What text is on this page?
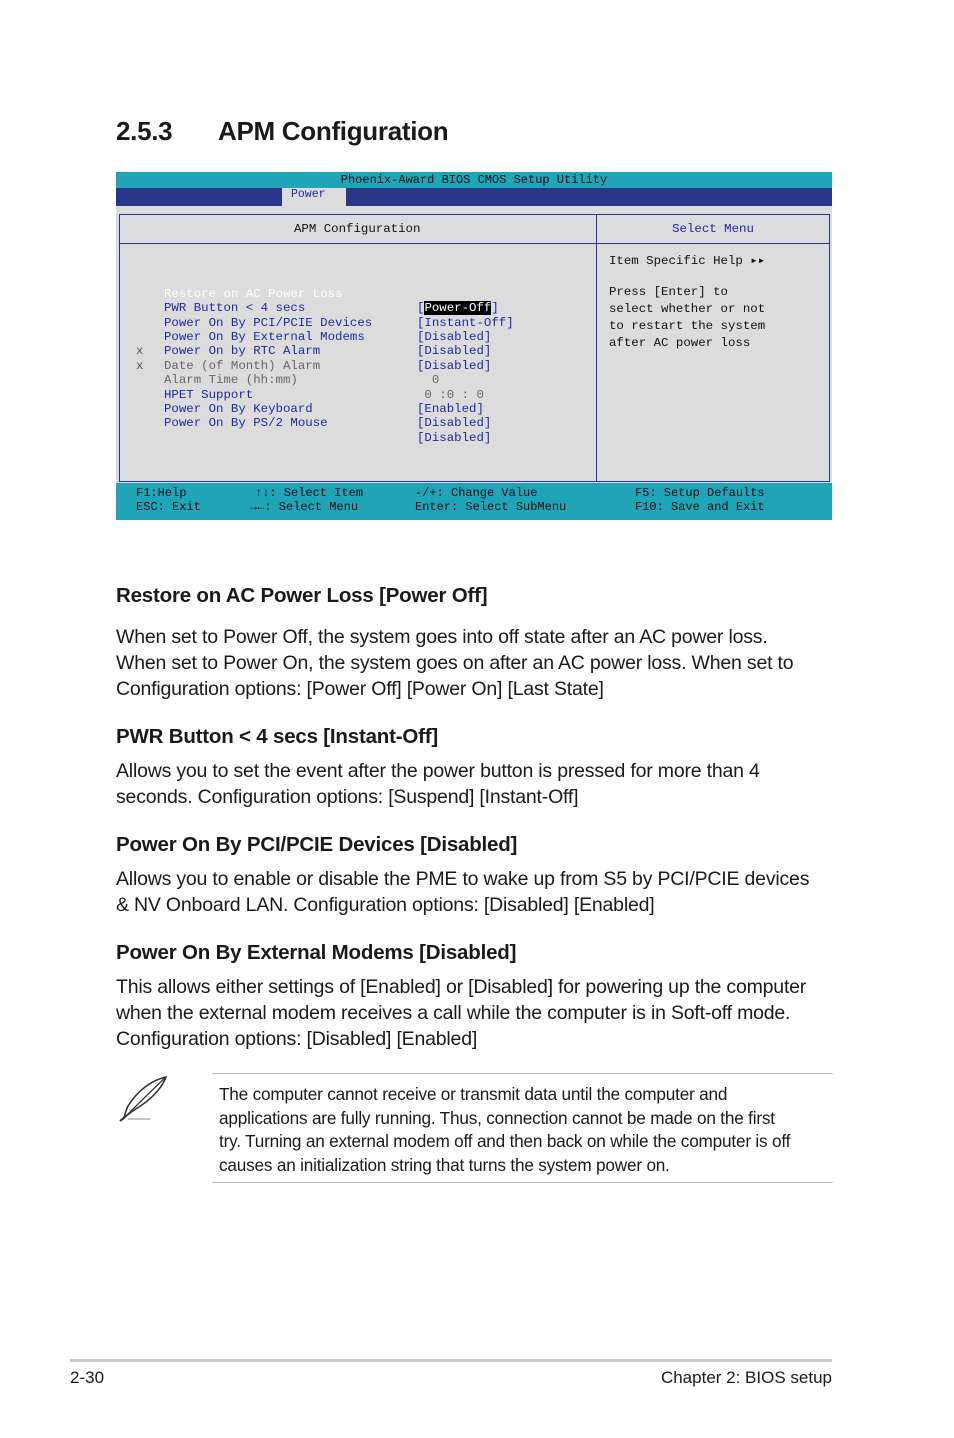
2.5.3 APM Configuration
Phoenix-Award BIOS CMOS Setup Utility
Power
APM Configuration

Restore on AC Power Loss

[Power-Off]

PWR Button < 4 secs

[Instant-Off]

Power On By PCI/PCIE Devices

[Disabled]

Power On By External Modems

[Disabled]

Power On by RTC Alarm

[Disabled]

x

Date (of Month) Alarm

0

x

Alarm Time (hh:mm)

0 :0 : 0

HPET Support

[Enabled]

Power On By Keyboard

[Disabled]

Power On By PS/2 Mouse

[Disabled]

Select Menu
Item Specific Help ▸▸
Press [Enter] to
select whether or not
to restart the system
after AC power loss
F1:Help
ESC: Exit
↑↓: Select Item
→←: Select Menu
-/+: Change Value
Enter: Select SubMenu
F5: Setup Defaults
F10: Save and Exit
Restore on AC Power Loss [Power Off]
When set to Power Off, the system goes into off state after an AC power loss.
When set to Power On, the system goes on after an AC power loss. When set to
Configuration options: [Power Off] [Power On] [Last State]
PWR Button < 4 secs [Instant-Off]
Allows you to set the event after the power button is pressed for more than 4
seconds. Configuration options: [Suspend] [Instant-Off]
Power On By PCI/PCIE Devices [Disabled]
Allows you to enable or disable the PME to wake up from S5 by PCI/PCIE devices
& NV Onboard LAN. Configuration options: [Disabled] [Enabled]
Power On By External Modems [Disabled]
This allows either settings of [Enabled] or [Disabled] for powering up the computer
when the external modem receives a call while the computer is in Soft-off mode.
Configuration options: [Disabled] [Enabled]
The computer cannot receive or transmit data until the computer and
applications are fully running. Thus, connection cannot be made on the first
try. Turning an external modem off and then back on while the computer is off
causes an initialization string that turns the system power on.
2-30	Chapter 2: BIOS setup
